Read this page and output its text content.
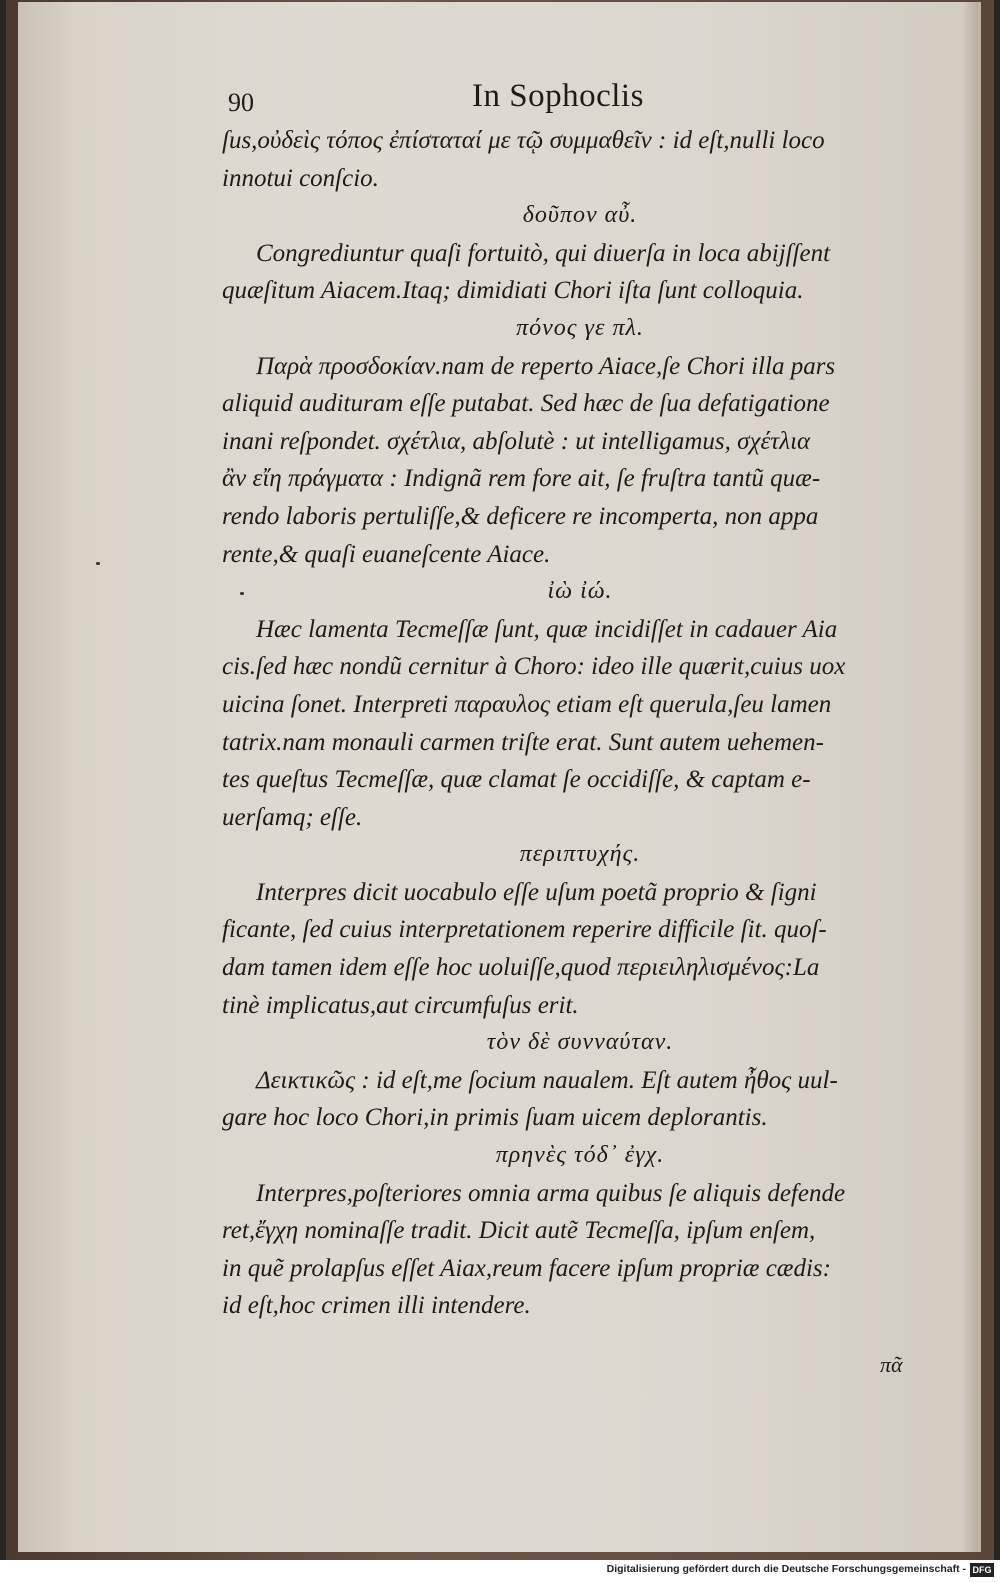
90	In Sophoclis
ſus,οὐδεὶς τόπος ἐπίσταταί με τῷ συμμαθεῖν : id eſt,nulli loco
innotui conſcio.
δοῦπον αὖ.
Congrediuntur quaſi fortuitò, qui diuerſa in loca abijſſent
quæſitum Aiacem.Itaq; dimidiati Chori iſta ſunt colloquia.
πόνος γε πλ.
Παρὰ προσδοκίαν.nam de reperto Aiace,ſe Chori illa pars
aliquid audituram eſſe putabat. Sed hæc de ſua defatigatione
inani reſpondet. σχέτλια, abſolutè : ut intelligamus, σχέτλια
ἂν εἴη πράγματα : Indignã rem fore ait, ſe fruſtra tantũ quæ-
rendo laboris pertuliſſe,& deficere re incomperta, non appa
rente,& quaſi euaneſcente Aiace.
ἰὼ ἰώ.
Hæc lamenta Tecmeſſæ ſunt, quæ incidiſſet in cadauer Aia
cis.ſed hæc nondũ cernitur à Choro: ideo ille quærit,cuius uox
uicina ſonet. Interpreti παραυλος etiam eſt querula,ſeu lamen
tatrix.nam monauli carmen triſte erat. Sunt autem uehemen-
tes queſtus Tecmeſſæ, quæ clamat ſe occidiſſe, & captam e-
uerſamq; eſſe.
περιπτυχής.
Interpres dicit uocabulo eſſe uſum poetã proprio & ſigni
ficante, ſed cuius interpretationem reperire difficile ſit. quoſ-
dam tamen idem eſſe hoc uoluiſſe,quod περιειληλισμένος:La
tinè implicatus,aut circumfuſus erit.
τὸν δὲ συνναύταν.
Δεικτικῶς : id eſt,me ſocium naualem. Eſt autem ἦθος uul-
gare hoc loco Chori,in primis ſuam uicem deplorantis.
πρηνὲς τόδ᾽ ἐγχ.
Interpres,poſteriores omnia arma quibus ſe aliquis defende
ret,ἔγχη nominaſſe tradit. Dicit autẽ Tecmeſſa, ipſum enſem,
in quẽ prolapſus eſſet Aiax,reum facere ipſum propriæ cædis:
id eſt,hoc crimen illi intendere.
πᾶ
Digitalisierung gefördert durch die Deutsche Forschungsgemeinschaft - DFG
